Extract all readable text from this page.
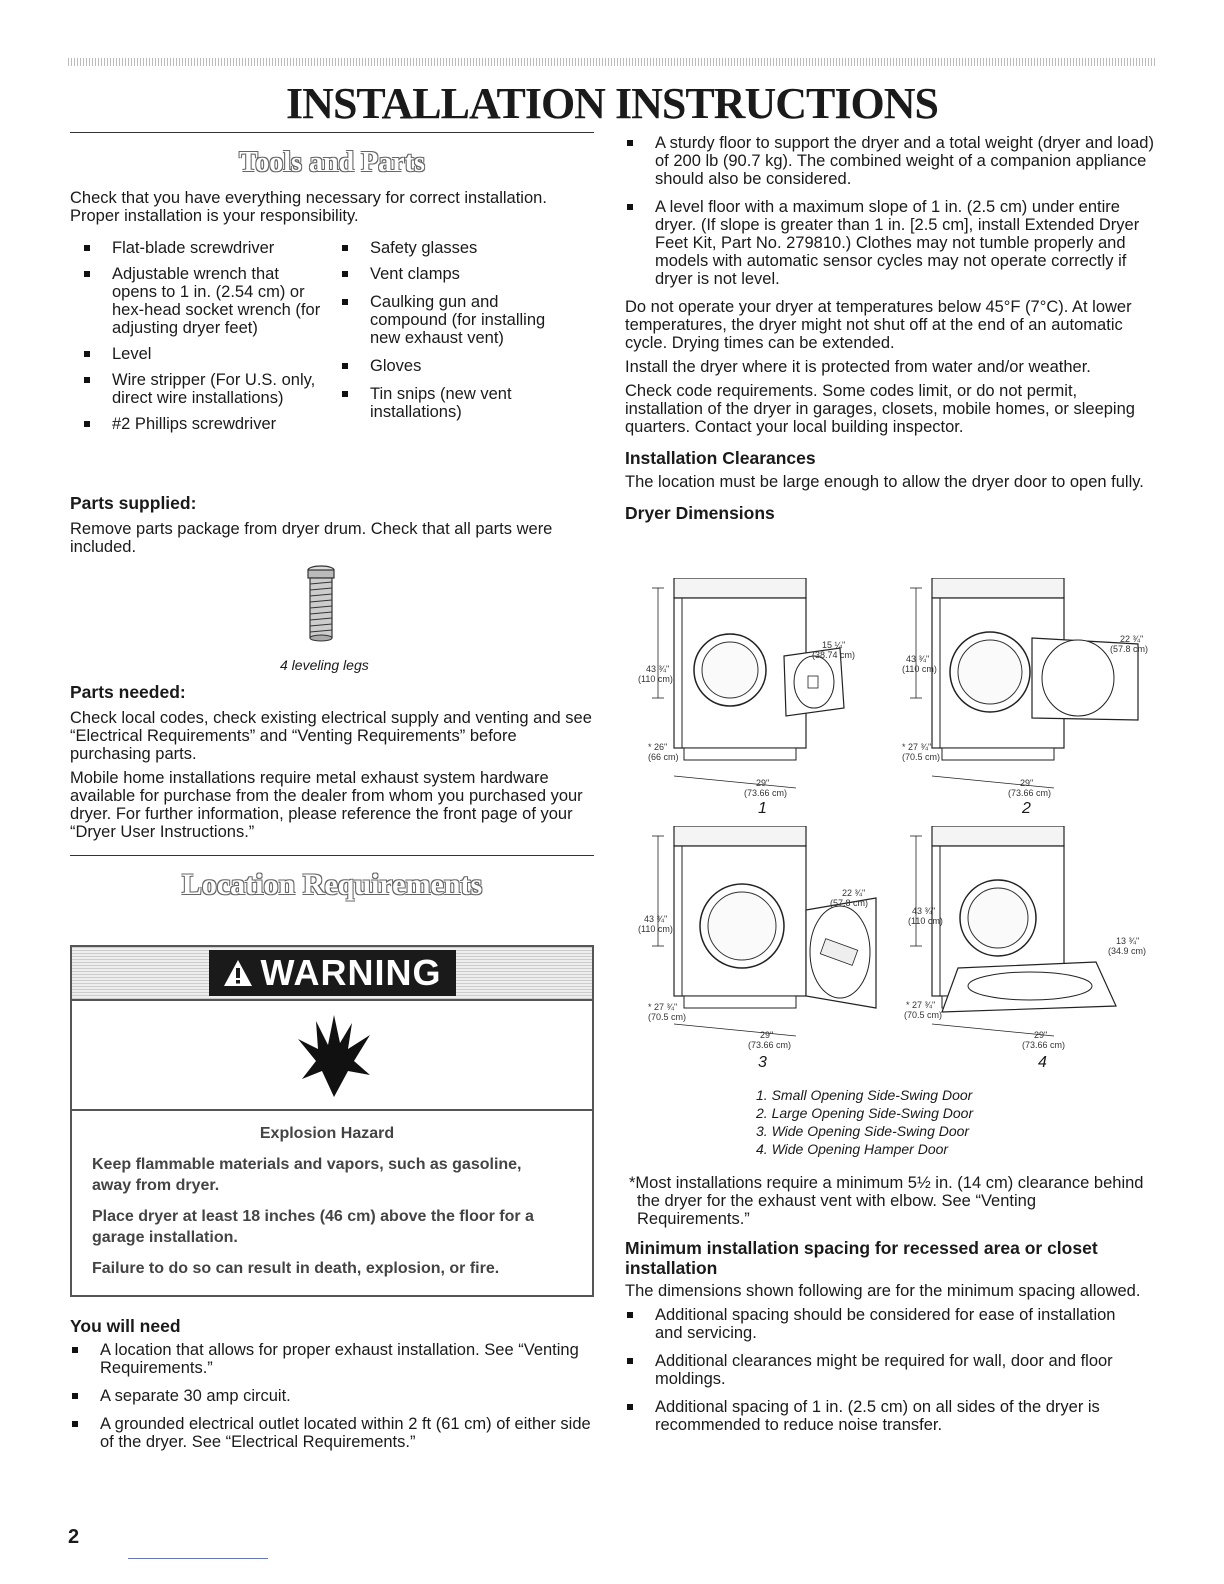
INSTALLATION INSTRUCTIONS
Tools and Parts

Check that you have everything necessary for correct installation. Proper installation is your responsibility.

Flat-blade screwdriver
Adjustable wrench that opens to 1 in. (2.54 cm) or hex-head socket wrench (for adjusting dryer feet)
Level
Wire stripper (For U.S. only, direct wire installations)
#2 Phillips screwdriver
Safety glasses
Vent clamps
Caulking gun and compound (for installing new exhaust vent)
Gloves
Tin snips (new vent installations)
Parts supplied:

Remove parts package from dryer drum. Check that all parts were included.

4 leveling legs

Parts needed:

Check local codes, check existing electrical supply and venting and see “Electrical Requirements” and “Venting Requirements” before purchasing parts.

Mobile home installations require metal exhaust system hardware available for purchase from the dealer from whom you purchased your dryer. For further information, please reference the front page of your “Dryer User Instructions.”

Location Requirements
WARNING

Explosion Hazard

Keep flammable materials and vapors, such as gasoline, away from dryer.

Place dryer at least 18 inches (46 cm) above the floor for a garage installation.

Failure to do so can result in death, explosion, or fire.

You will need
A location that allows for proper exhaust installation. See “Venting Requirements.”
A separate 30 amp circuit.
A grounded electrical outlet located within 2 ft (61 cm) of either side of the dryer. See “Electrical Requirements.”
A sturdy floor to support the dryer and a total weight (dryer and load) of 200 lb (90.7 kg). The combined weight of a companion appliance should also be considered.
A level floor with a maximum slope of 1 in. (2.5 cm) under entire dryer. (If slope is greater than 1 in. [2.5 cm], install Extended Dryer Feet Kit, Part No. 279810.) Clothes may not tumble properly and models with automatic sensor cycles may not operate correctly if dryer is not level.

Do not operate your dryer at temperatures below 45°F (7°C). At lower temperatures, the dryer might not shut off at the end of an automatic cycle. Drying times can be extended.

Install the dryer where it is protected from water and/or weather.

Check code requirements. Some codes limit, or do not permit, installation of the dryer in garages, closets, mobile homes, or sleeping quarters. Contact your local building inspector.

Installation Clearances

The location must be large enough to allow the dryer door to open fully.

Dryer Dimensions
43 ¾"
(110 cm)
* 26"
(66 cm)
15 ¼"
(38.74 cm)
29"
(73.66 cm)
1
43 ¾"
(110 cm)
* 27 ¾"
(70.5 cm)
22 ¾"
(57.8 cm)
29"
(73.66 cm)
2
43 ¾"
(110 cm)
* 27 ¾"
(70.5 cm)
22 ¾"
(57.8 cm)
29"
(73.66 cm)
3
43 ¾"
(110 cm)
* 27 ¾"
(70.5 cm)
13 ¾"
(34.9 cm)
29"
(73.66 cm)
4
1. Small Opening Side-Swing Door
2. Large Opening Side-Swing Door
3. Wide Opening Side-Swing Door
4. Wide Opening Hamper Door

*Most installations require a minimum 5½ in. (14 cm) clearance behind the dryer for the exhaust vent with elbow. See “Venting Requirements.”

Minimum installation spacing for recessed area or closet installation

The dimensions shown following are for the minimum spacing allowed.

Additional spacing should be considered for ease of installation and servicing.
Additional clearances might be required for wall, door and floor moldings.
Additional spacing of 1 in. (2.5 cm) on all sides of the dryer is recommended to reduce noise transfer.
2
